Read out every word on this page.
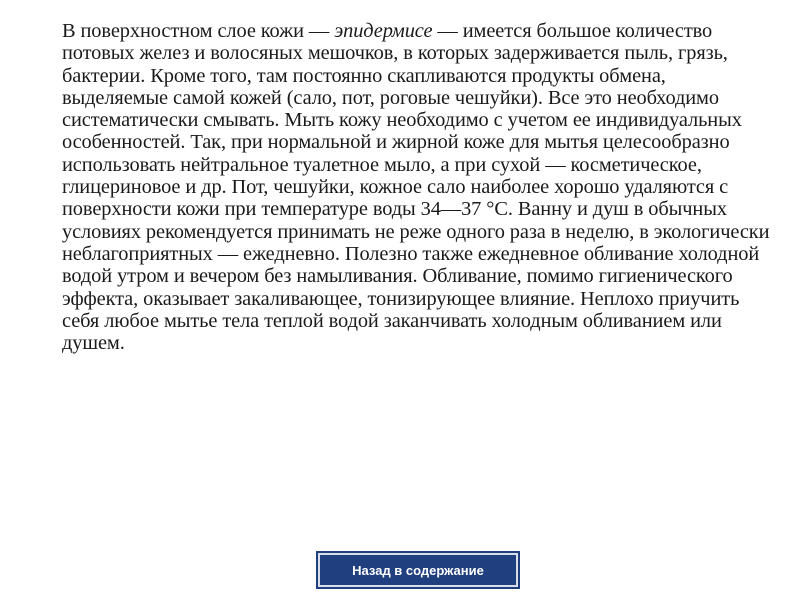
В поверхностном слое кожи — эпидермисе — имеется большое количество потовых желез и волосяных мешочков, в которых задерживается пыль, грязь, бактерии. Кроме того, там постоянно скапливаются продукты обмена, выделяемые самой кожей (сало, пот, роговые чешуйки). Все это необходимо систематически смывать. Мыть кожу необходимо с учетом ее индивидуальных особенностей. Так, при нормальной и жирной коже для мытья целесообразно использовать нейтральное туалетное мыло, а при сухой — косметическое, глицериновое и др. Пот, чешуйки, кожное сало наиболее хорошо удаляются с поверхности кожи при температуре воды 34—37 °С. Ванну и душ в обычных условиях рекомендуется принимать не реже одного раза в неделю, в экологически неблагоприятных — ежедневно. Полезно также ежедневное обливание холодной водой утром и вечером без намыливания. Обливание, помимо гигиенического эффекта, оказывает закаливающее, тонизирующее влияние. Неплохо приучить себя любое мытье тела теплой водой заканчивать холодным обливанием или душем.

Назад в содержание
